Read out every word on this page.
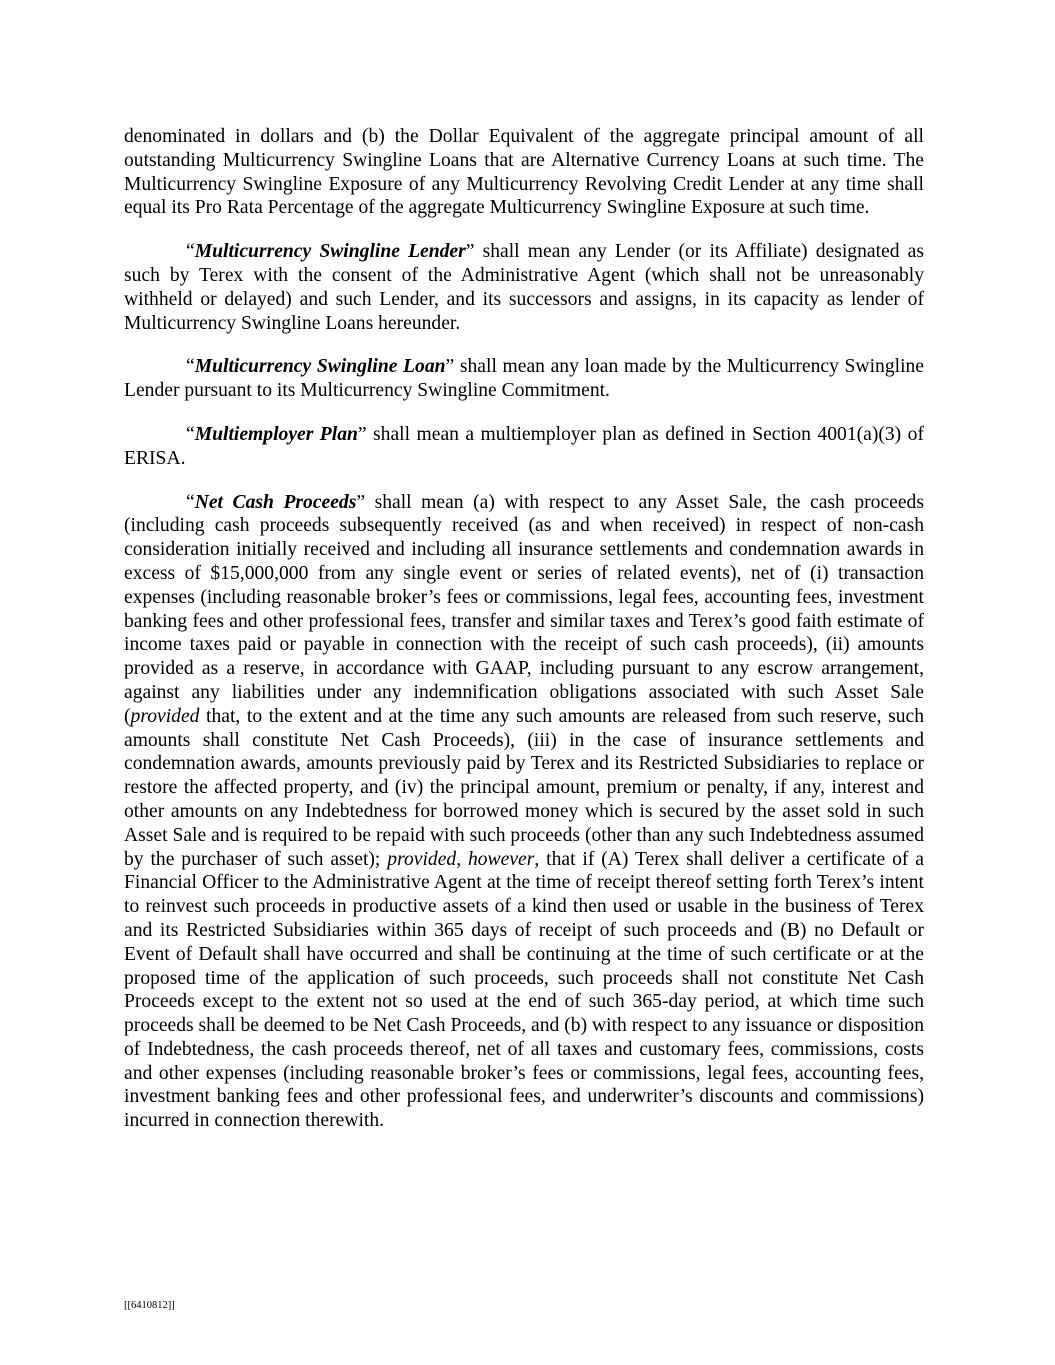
denominated in dollars and (b) the Dollar Equivalent of the aggregate principal amount of all outstanding Multicurrency Swingline Loans that are Alternative Currency Loans at such time. The Multicurrency Swingline Exposure of any Multicurrency Revolving Credit Lender at any time shall equal its Pro Rata Percentage of the aggregate Multicurrency Swingline Exposure at such time.

“Multicurrency Swingline Lender” shall mean any Lender (or its Affiliate) designated as such by Terex with the consent of the Administrative Agent (which shall not be unreasonably withheld or delayed) and such Lender, and its successors and assigns, in its capacity as lender of Multicurrency Swingline Loans hereunder.

“Multicurrency Swingline Loan” shall mean any loan made by the Multicurrency Swingline Lender pursuant to its Multicurrency Swingline Commitment.

“Multiemployer Plan” shall mean a multiemployer plan as defined in Section 4001(a)(3) of ERISA.

“Net Cash Proceeds” shall mean (a) with respect to any Asset Sale, the cash proceeds (including cash proceeds subsequently received (as and when received) in respect of non-cash consideration initially received and including all insurance settlements and condemnation awards in excess of $15,000,000 from any single event or series of related events), net of (i) transaction expenses (including reasonable broker’s fees or commissions, legal fees, accounting fees, investment banking fees and other professional fees, transfer and similar taxes and Terex’s good faith estimate of income taxes paid or payable in connection with the receipt of such cash proceeds), (ii) amounts provided as a reserve, in accordance with GAAP, including pursuant to any escrow arrangement, against any liabilities under any indemnification obligations associated with such Asset Sale (provided that, to the extent and at the time any such amounts are released from such reserve, such amounts shall constitute Net Cash Proceeds), (iii) in the case of insurance settlements and condemnation awards, amounts previously paid by Terex and its Restricted Subsidiaries to replace or restore the affected property, and (iv) the principal amount, premium or penalty, if any, interest and other amounts on any Indebtedness for borrowed money which is secured by the asset sold in such Asset Sale and is required to be repaid with such proceeds (other than any such Indebtedness assumed by the purchaser of such asset); provided, however, that if (A) Terex shall deliver a certificate of a Financial Officer to the Administrative Agent at the time of receipt thereof setting forth Terex’s intent to reinvest such proceeds in productive assets of a kind then used or usable in the business of Terex and its Restricted Subsidiaries within 365 days of receipt of such proceeds and (B) no Default or Event of Default shall have occurred and shall be continuing at the time of such certificate or at the proposed time of the application of such proceeds, such proceeds shall not constitute Net Cash Proceeds except to the extent not so used at the end of such 365-day period, at which time such proceeds shall be deemed to be Net Cash Proceeds, and (b) with respect to any issuance or disposition of Indebtedness, the cash proceeds thereof, net of all taxes and customary fees, commissions, costs and other expenses (including reasonable broker’s fees or commissions, legal fees, accounting fees, investment banking fees and other professional fees, and underwriter’s discounts and commissions) incurred in connection therewith.

[[6410812]]
